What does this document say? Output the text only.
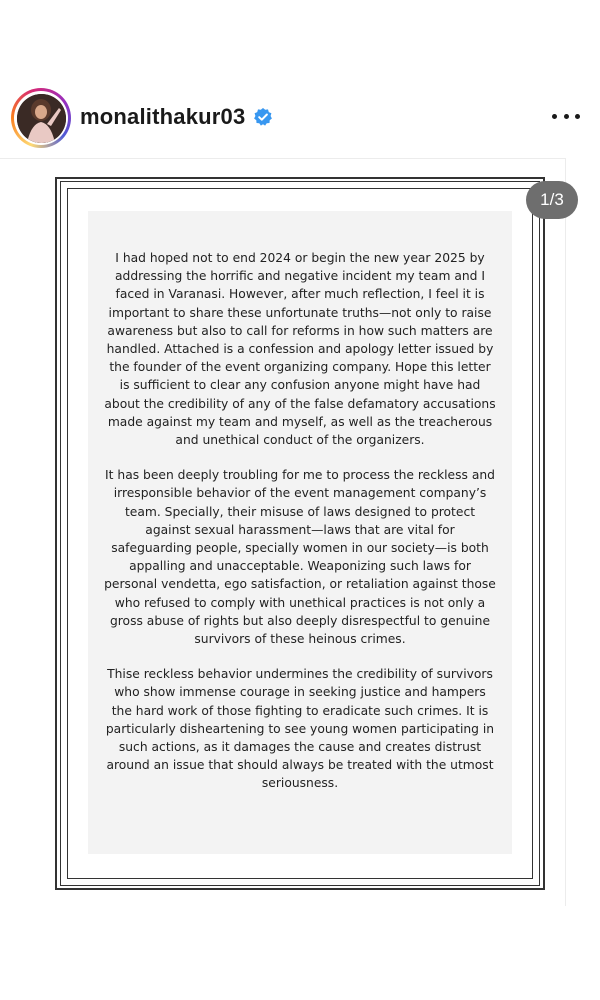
monalithakur03

I had hoped not to end 2024 or begin the new year 2025 by addressing the horrific and negative incident my team and I faced in Varanasi. However, after much reflection, I feel it is important to share these unfortunate truths—not only to raise awareness but also to call for reforms in how such matters are handled. Attached is a confession and apology letter issued by the founder of the event organizing company. Hope this letter is sufficient to clear any confusion anyone might have had about the credibility of any of the false defamatory accusations made against my team and myself, as well as the treacherous and unethical conduct of the organizers.

It has been deeply troubling for me to process the reckless and irresponsible behavior of the event management company’s team. Specially, their misuse of laws designed to protect against sexual harassment—laws that are vital for safeguarding people, specially women in our society—is both appalling and unacceptable. Weaponizing such laws for personal vendetta, ego satisfaction, or retaliation against those who refused to comply with unethical practices is not only a gross abuse of rights but also deeply disrespectful to genuine survivors of these heinous crimes.

Thise reckless behavior undermines the credibility of survivors who show immense courage in seeking justice and hampers the hard work of those fighting to eradicate such crimes. It is particularly disheartening to see young women participating in such actions, as it damages the cause and creates distrust around an issue that should always be treated with the utmost seriousness.

1/3
